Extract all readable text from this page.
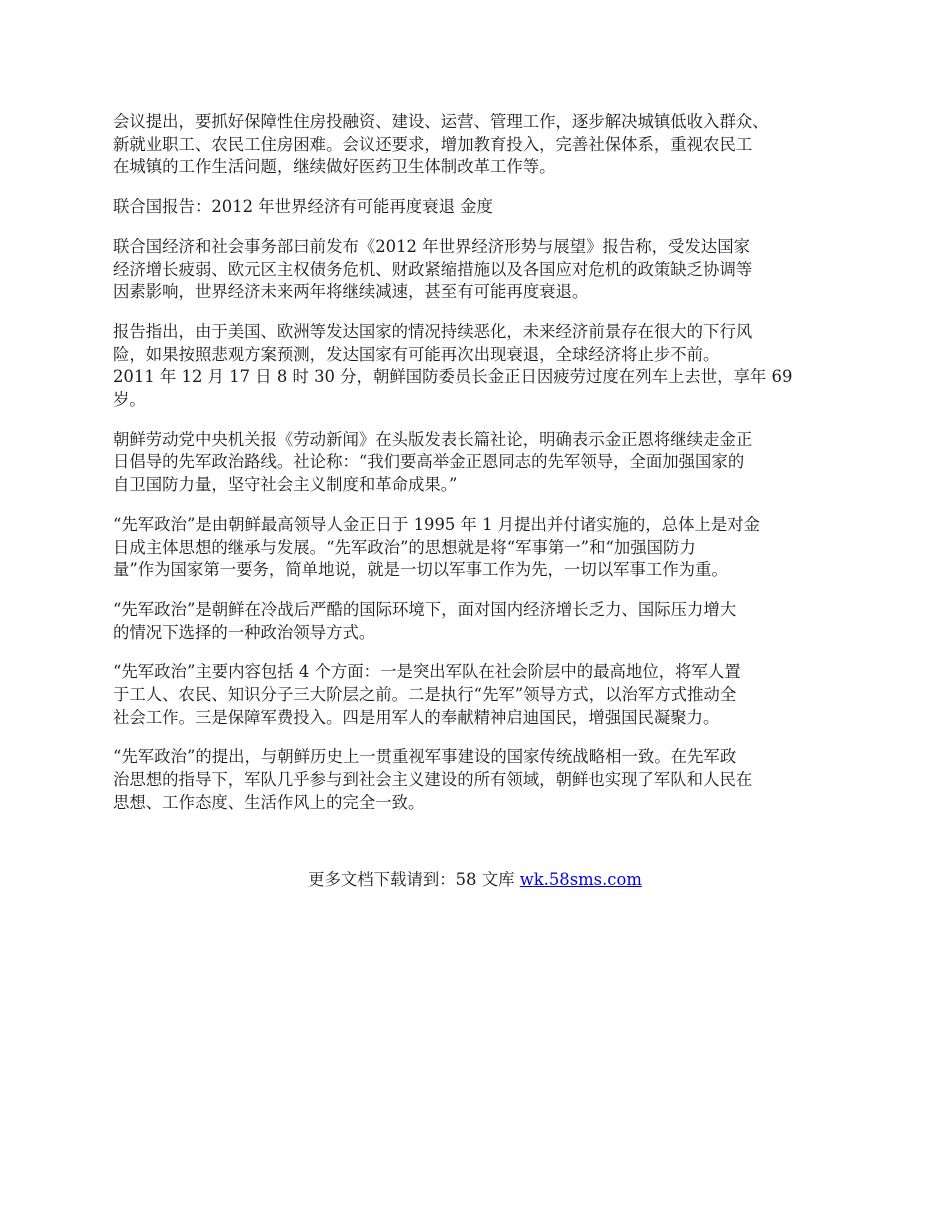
会议提出，要抓好保障性住房投融资、建设、运营、管理工作，逐步解决城镇低收入群众、
新就业职工、农民工住房困难。会议还要求，增加教育投入，完善社保体系，重视农民工
在城镇的工作生活问题，继续做好医药卫生体制改革工作等。

联合国报告：2012 年世界经济有可能再度衰退 金度

联合国经济和社会事务部曰前发布《2012 年世界经济形势与展望》报告称，受发达国家
经济增长疲弱、欧元区主权债务危机、财政紧缩措施以及各国应对危机的政策缺乏协调等
因素影响，世界经济未来两年将继续减速，甚至有可能再度衰退。

报告指出，由于美国、欧洲等发达国家的情况持续恶化，未来经济前景存在很大的下行风
险，如果按照悲观方案预测，发达国家有可能再次出现衰退，全球经济将止步不前。
2011 年 12 月 17 日 8 时 30 分，朝鲜国防委员长金正日因疲劳过度在列车上去世，享年 69
岁。

朝鲜劳动党中央机关报《劳动新闻》在头版发表长篇社论，明确表示金正恩将继续走金正
日倡导的先军政治路线。社论称：“我们要高举金正恩同志的先军领导，全面加强国家的
自卫国防力量，坚守社会主义制度和革命成果。”

“先军政治”是由朝鲜最高领导人金正日于 1995 年 1 月提出并付诸实施的，总体上是对金
日成主体思想的继承与发展。“先军政治”的思想就是将“军事第一”和“加强国防力
量”作为国家第一要务，简单地说，就是一切以军事工作为先，一切以军事工作为重。

“先军政治”是朝鲜在冷战后严酷的国际环境下，面对国内经济增长乏力、国际压力增大
的情况下选择的一种政治领导方式。

“先军政治”主要内容包括 4 个方面：一是突出军队在社会阶层中的最高地位，将军人置
于工人、农民、知识分子三大阶层之前。二是执行“先军”领导方式，以治军方式推动全
社会工作。三是保障军费投入。四是用军人的奉献精神启迪国民，增强国民凝聚力。

“先军政治”的提出，与朝鲜历史上一贯重视军事建设的国家传统战略相一致。在先军政
治思想的指导下，军队几乎参与到社会主义建设的所有领域，朝鲜也实现了军队和人民在
思想、工作态度、生活作风上的完全一致。

更多文档下载请到：58 文库 wk.58sms.com
